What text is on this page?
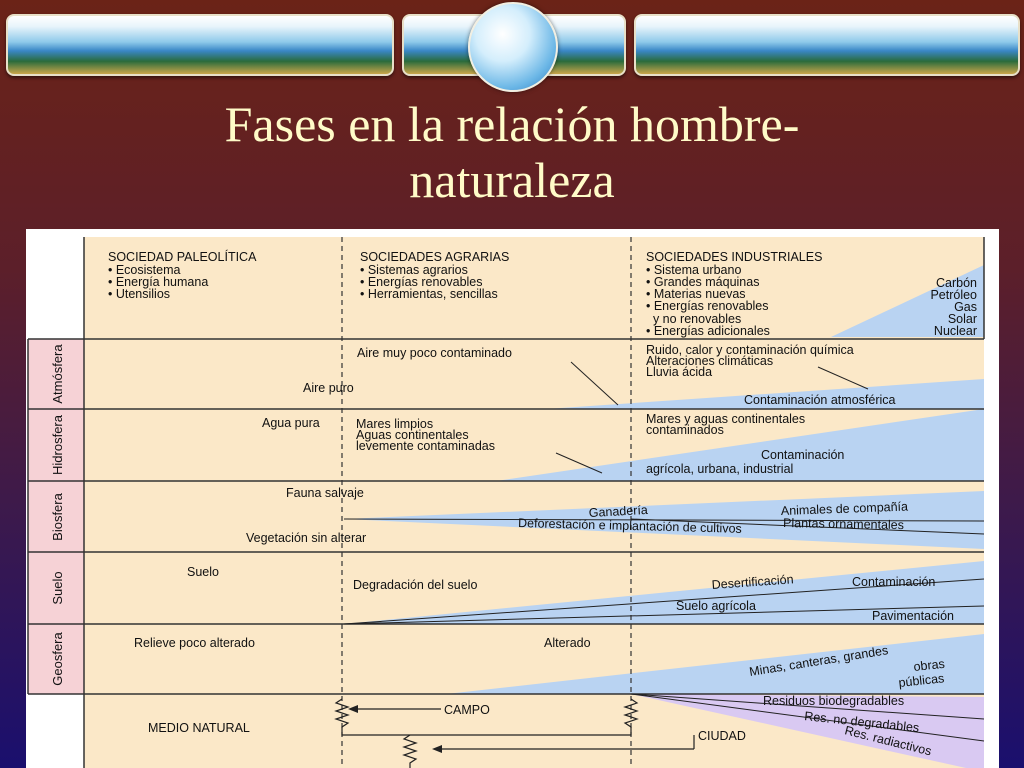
Fases en la relación hombre-
naturaleza
SOCIEDAD PALEOLÍTICA
• Ecosistema
• Energía humana
• Utensilios
SOCIEDADES AGRARIAS
• Sistemas agrarios
• Energías renovables
• Herramientas, sencillas
SOCIEDADES INDUSTRIALES
• Sistema urbano
• Grandes máquinas
• Materias nuevas
• Energías renovables
y no renovables
• Energías adicionales
Carbón
Petróleo
Gas
Solar
Nuclear
Atmósfera
Hidrosfera
Biosfera
Suelo
Geosfera
Aire muy poco contaminado
Aire puro
Ruido, calor y contaminación química
Alteraciones climáticas
Lluvia ácida
Contaminación atmosférica
Agua pura	Mares limpios
Aguas continentales
levemente contaminadas
Mares y aguas continentales
contaminados
Contaminación
agrícola, urbana, industrial
Fauna salvaje
Ganadería	Animales de compañía
Plantas ornamentales
Deforestación e implantación de cultivos
Vegetación sin alterar
Suelo
Degradación del suelo	Desertificación	Contaminación
Suelo agrícola
Pavimentación
Relieve poco alterado	Alterado
Minas, canteras, grandes obras
públicas
MEDIO NATURAL
CAMPO
CIUDAD
Residuos biodegradables
Res. no degradables
Res. radiactivos
